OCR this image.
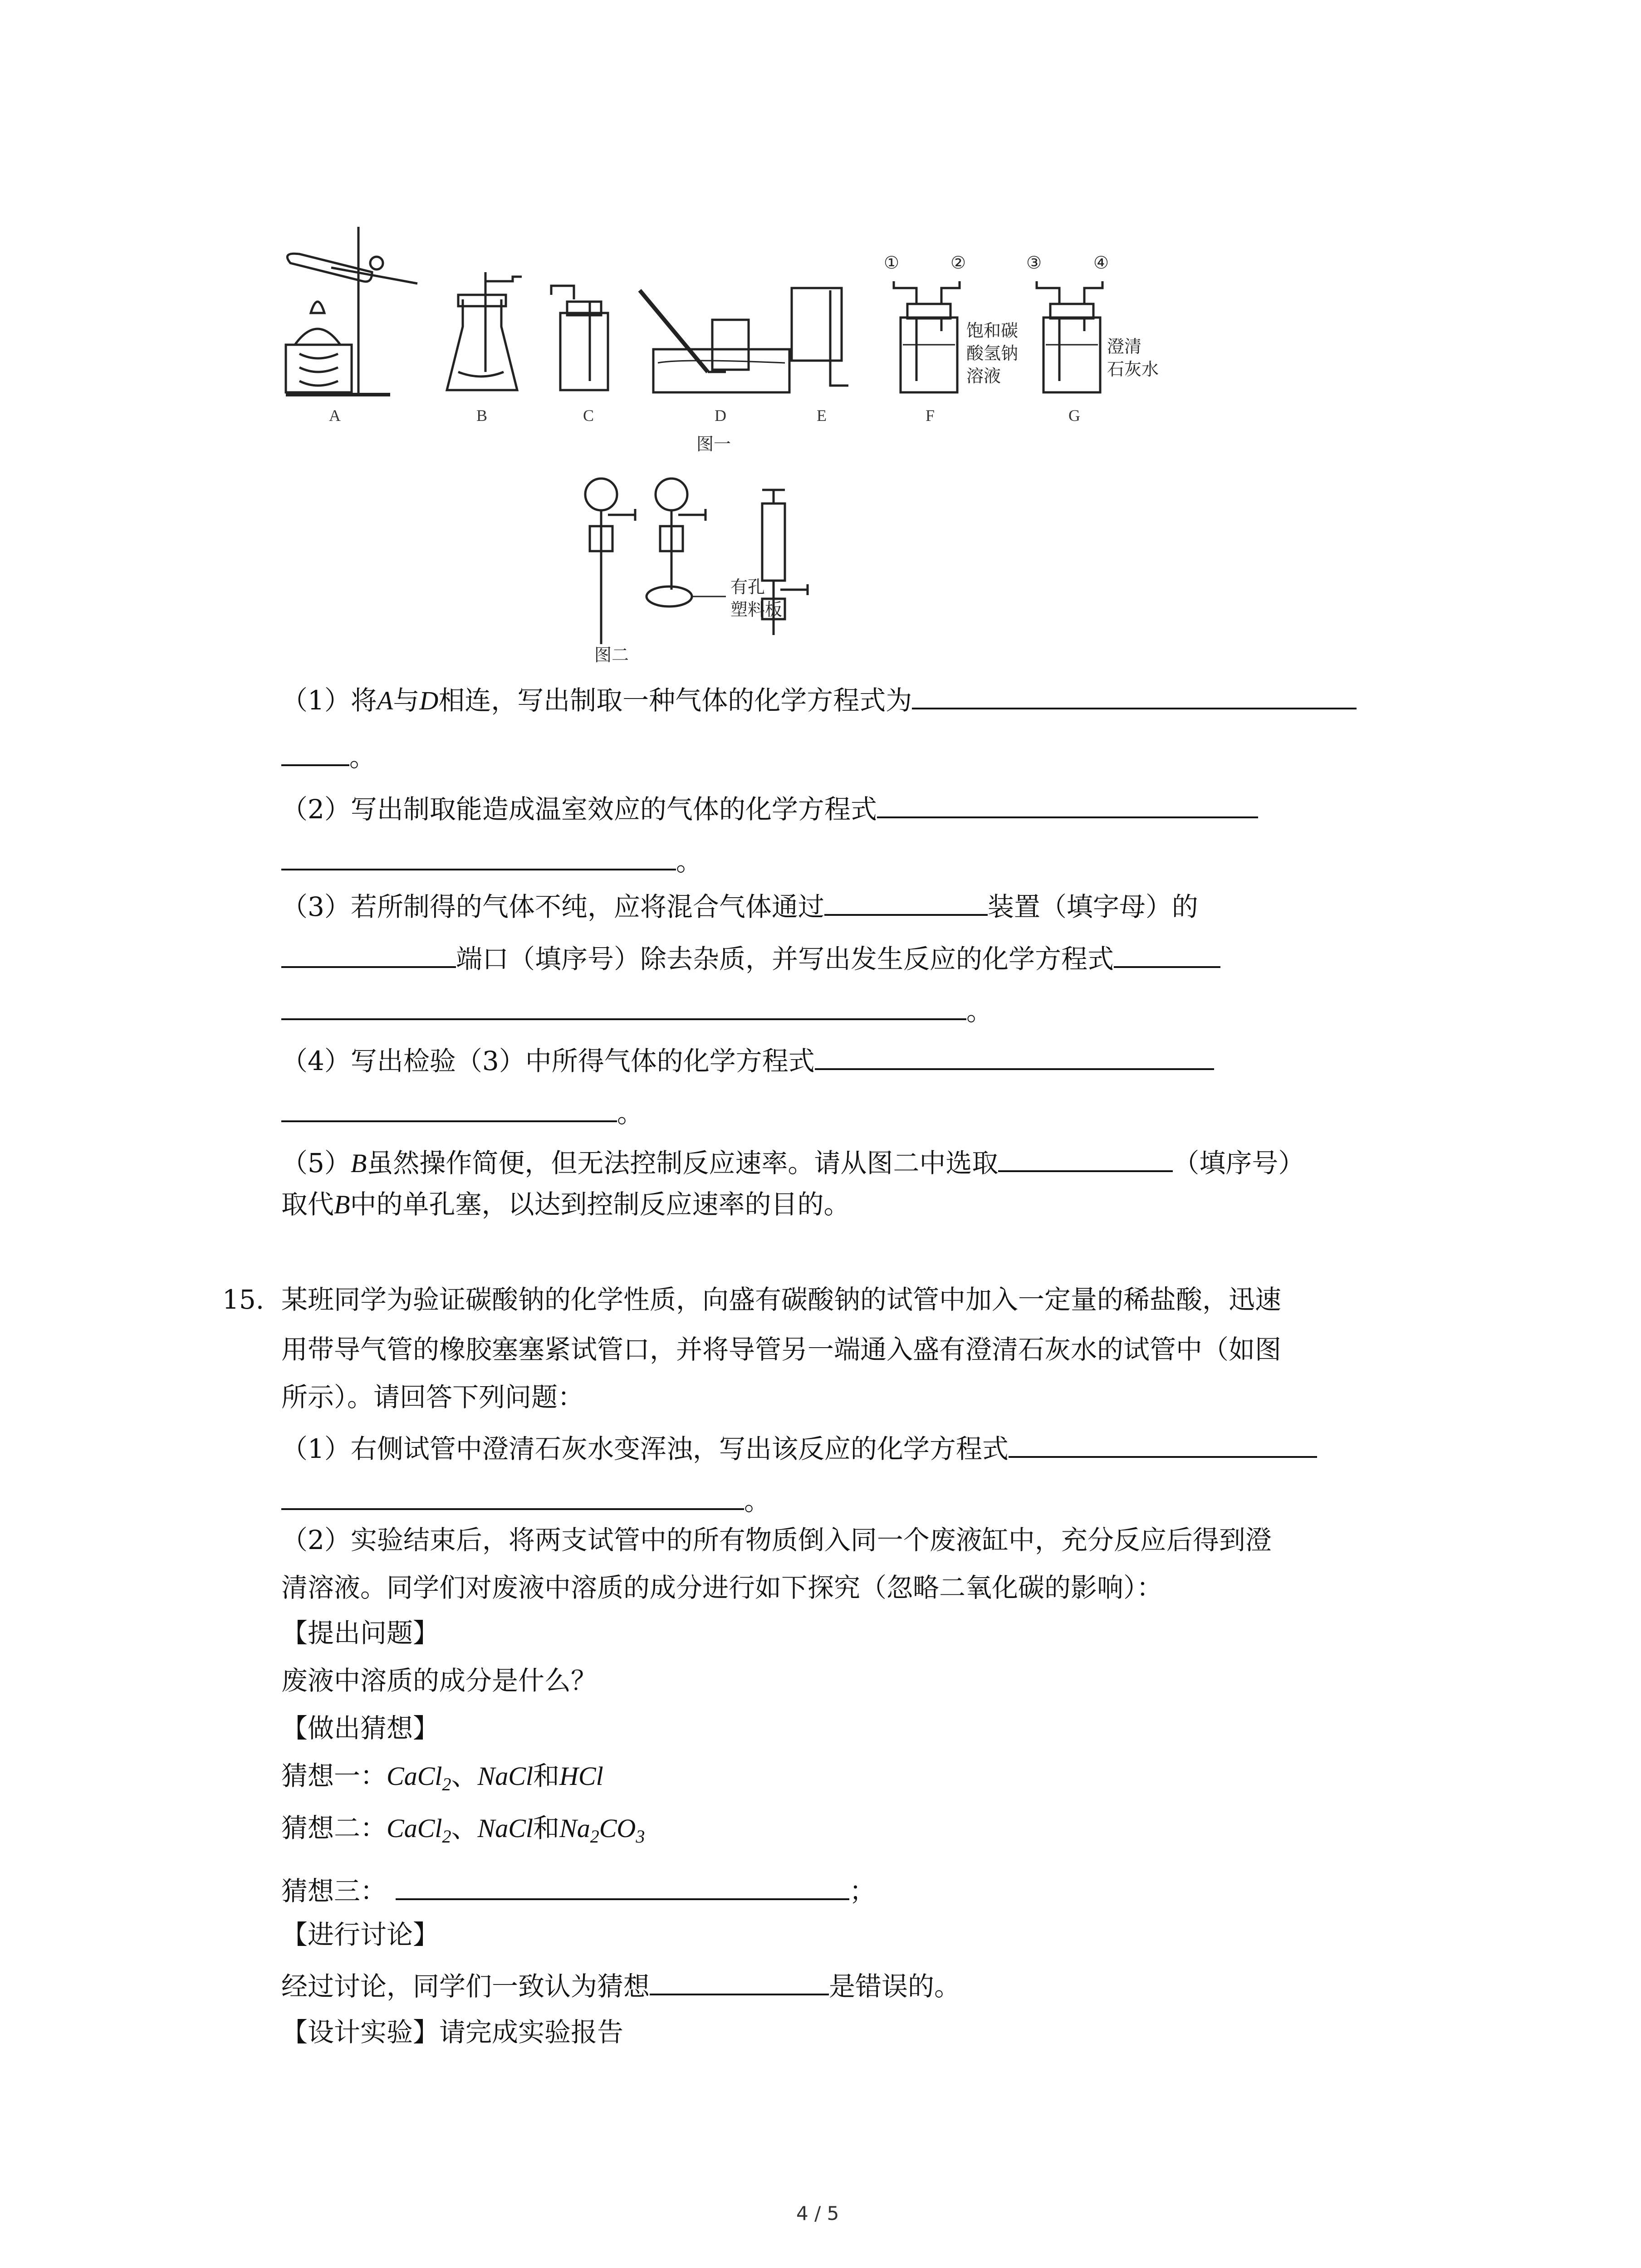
A	B	C	D	E	F	G
图一
①	②	③	④
饱和碳
酸氢钠
溶液
澄清
石灰水
有孔
塑料板
图二
（1）将A与D相连，写出制取一种气体的化学方程式为
。
（2）写出制取能造成温室效应的气体的化学方程式
。
（3）若所制得的气体不纯，应将混合气体通过	装置（填字母）的
端口（填序号）除去杂质，并写出发生反应的化学方程式
。
（4）写出检验（3）中所得气体的化学方程式
。
（5）B虽然操作简便，但无法控制反应速率。请从图二中选取	（填序号）
取代B中的单孔塞，以达到控制反应速率的目的。
15. 某班同学为验证碳酸钠的化学性质，向盛有碳酸钠的试管中加入一定量的稀盐酸，迅速
用带导气管的橡胶塞塞紧试管口，并将导管另一端通入盛有澄清石灰水的试管中（如图
所示）。请回答下列问题：
（1）右侧试管中澄清石灰水变浑浊，写出该反应的化学方程式
。
（2）实验结束后，将两支试管中的所有物质倒入同一个废液缸中，充分反应后得到澄
清溶液。同学们对废液中溶质的成分进行如下探究（忽略二氧化碳的影响）：
【提出问题】
废液中溶质的成分是什么？
【做出猜想】
猜想一：CaCl$_2$、NaCl和HCl
猜想二：CaCl$_2$、NaCl和$Na_2CO_3$
猜想三：	；
【进行讨论】
经过讨论，同学们一致认为猜想	是错误的。
【设计实验】请完成实验报告
4 / 5
